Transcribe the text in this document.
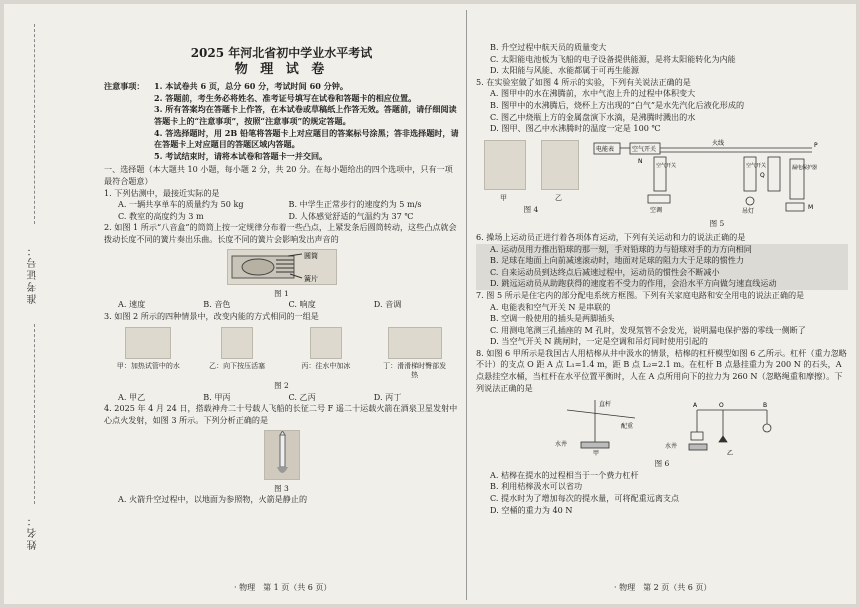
准考证号：
姓名：
2025 年河北省初中学业水平考试
物 理 试 卷
注意事项：	1. 本试卷共 6 页，总分 60 分，考试时间 60 分钟。

2. 答题前，考生务必将姓名、准考证号填写在试卷和答题卡的相应位置。

3. 所有答案均在答题卡上作答，在本试卷或草稿纸上作答无效。答题前，请仔细阅读答题卡上的“注意事项”，按照“注意事项”的规定答题。

4. 答选择题时，用 2B 铅笔将答题卡上对应题目的答案标号涂黑；答非选择题时，请在答题卡上对应题目的答题区域内答题。

5. 考试结束时，请将本试卷和答题卡一并交回。

一、选择题（本大题共 10 小题，每小题 2 分，共 20 分。在每小题给出的四个选项中，只有一项最符合题意）

1. 下列估测中，最接近实际的是

A. 一辆共享单车的质量约为 50 kg	B. 中学生正常步行的速度约为 5 m/s
C. 教室的高度约为 3 m	D. 人体感觉舒适的气温约为 37 ℃

2. 如图 1 所示“八音盒”的筒筒上按一定规律分布着一些凸点，上紧发条后圆筒转动，这些凸点就会拨动长度不同的簧片奏出乐曲。长度不同的簧片会影响发出声音的

圆筒
簧片
图 1
A. 速度	B. 音色	C. 响度	D. 音调

3. 如图 2 所示的四种情景中，改变内能的方式相同的一组是

甲：加热试管中的水	乙：向下按压活塞	丙：往水中加冰	丁：滑滑梯时臀部发热
图 2
A. 甲乙	B. 甲丙	C. 乙丙	D. 丙丁

4. 2025 年 4 月 24 日，搭载神舟二十号载人飞船的长征二号 F 遥二十运载火箭在酒泉卫星发射中心点火发射，如图 3 所示。下列分析正确的是

图 3

A. 火箭升空过程中，以地面为参照物，火箭是静止的

· 物理　第 1 页（共 6 页）

B. 升空过程中航天员的质量变大

C. 太阳能电池板为飞船的电子设备提供能源，是将太阳能转化为内能

D. 太阳能与风能、水能都属于可再生能源

5. 在实验室做了如图 4 所示的实验，下列有关说法正确的是

A. 图甲中的水在沸腾前，水中气泡上升的过程中体积变大

B. 图甲中的水沸腾后，烧杯上方出现的“白气”是水先汽化后液化形成的

C. 图乙中烧瓶上方的金属盘演下水滴，是沸腾时溅出的水

D. 图甲、图乙中水沸腾时的温度一定是 100 ℃

甲	乙
图 4
电能表	空气开关
N
火线	P
Q
空调	吊灯
M
空气开关	空气开关	漏电保护器
图 5

6. 操场上运动员正进行着各项体育运动，下列有关运动和力的说法正确的是

A. 运动员用力推出铅球的那一刻，手对铅球的力与铅球对手的力方向相同

B. 足球在地面上向前减速滚动时，地面对足球的阻力大于足球的惯性力

C. 自来运动员到达终点后减速过程中，运动员的惯性会不断减小

D. 跳远运动员从助跑获得的速度若不受力的作用，会沿水平方向做匀速直线运动

7. 图 5 所示是住宅内的部分配电系统方框图。下列有关家庭电路和安全用电的说法正确的是

A. 电能表和空气开关 N 是串联的

B. 空调一般使用的插头是两脚插头

C. 用测电笔测三孔插座的 M 孔时，发现氖管不会发光，说明漏电保护器的零线一侧断了

D. 当空气开关 N 跳闸时，一定是空调和吊灯同时使用引起的

8. 如图 6 甲所示是我国古人用桔槔从井中汲水的情景，桔槔的杠杆模型如图 6 乙所示。杠杆（重力忽略不计）的支点 O 距 A 点 L₁=1.4 m，距 B 点 L₂=2.1 m。在杠杆 B 点悬挂重力为 200 N 的石头，A 点悬挂空水桶，当杠杆在水平位置平衡时，人在 A 点所用向下的拉力为 260 N（忽略绳重和摩擦）。下列说法正确的是

直杆
配重
水井
甲
A	O	B
水井
乙
图 6

A. 桔槔在提水的过程相当于一个费力杠杆

B. 利用桔槔汲水可以省功

C. 提水时为了增加每次的提水量，可将配重远离支点

D. 空桶的重力为 40 N

· 物理　第 2 页（共 6 页）
